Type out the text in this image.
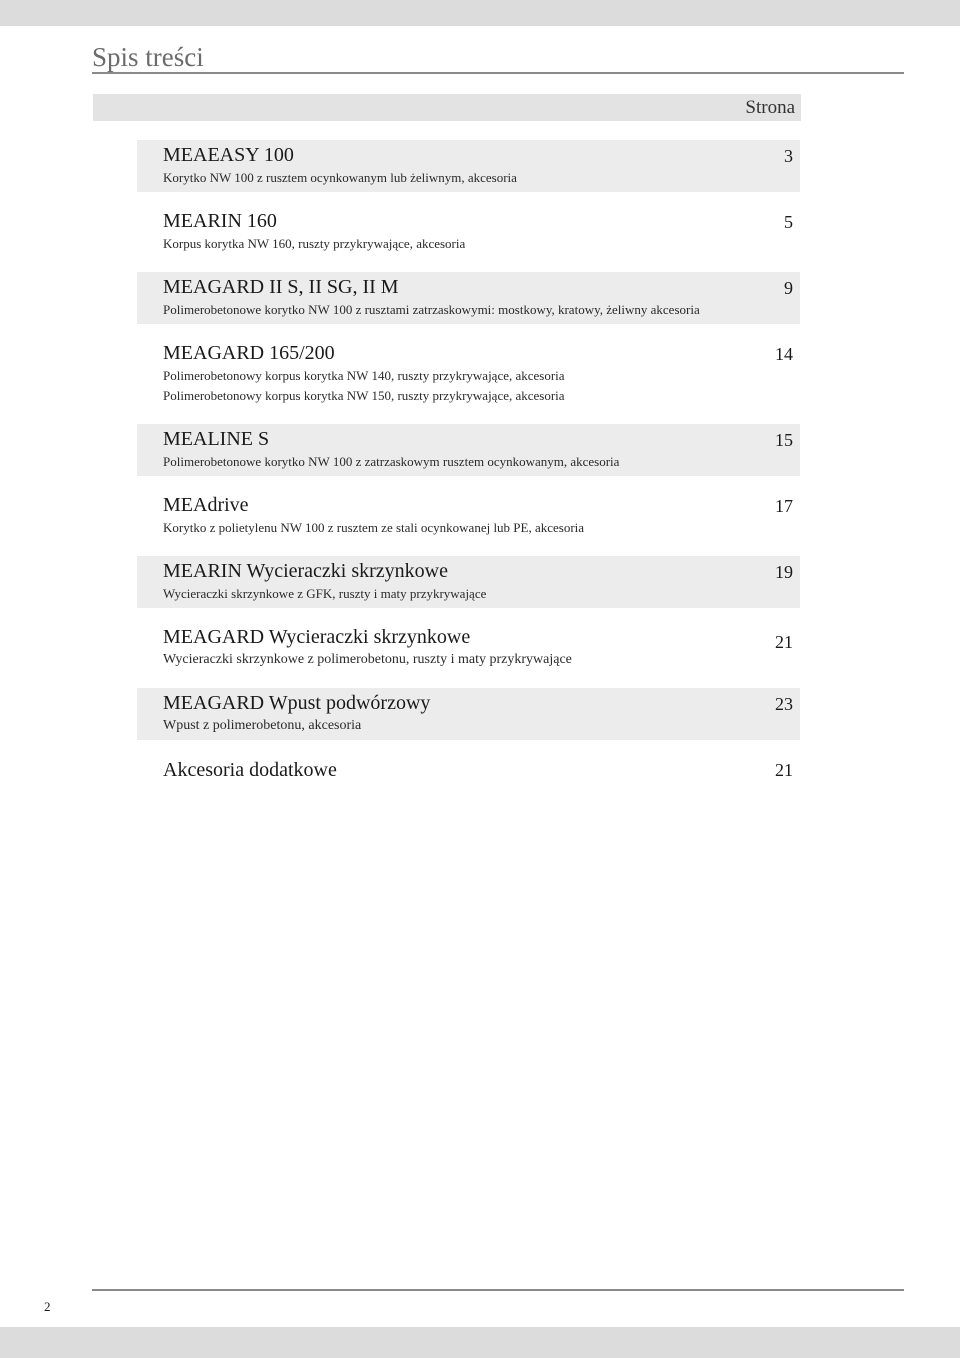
Spis treści
Strona
MEAEASY 100
Korytko NW 100 z rusztem ocynkowanym lub żeliwnym, akcesoria
3
MEARIN 160
Korpus korytka NW 160, ruszty przykrywające, akcesoria
5
MEAGARD II S, II SG, II M
Polimerobetonowe korytko NW 100 z rusztami zatrzaskowymi: mostkowy, kratowy, żeliwny akcesoria
9
MEAGARD 165/200
Polimerobetonowy korpus korytka NW 140, ruszty przykrywające, akcesoria
Polimerobetonowy korpus korytka NW 150, ruszty przykrywające, akcesoria
14
MEALINE S
Polimerobetonowe korytko NW 100 z zatrzaskowym rusztem ocynkowanym, akcesoria
15
MEAdrive
Korytko z polietylenu NW 100 z rusztem ze stali ocynkowanej lub PE, akcesoria
17
MEARIN Wycieraczki skrzynkowe
Wycieraczki skrzynkowe z GFK, ruszty i maty przykrywające
19
MEAGARD Wycieraczki skrzynkowe
Wycieraczki skrzynkowe z polimerobetonu, ruszty i maty przykrywające
21
MEAGARD Wpust podwórzowy
Wpust z polimerobetonu, akcesoria
23
Akcesoria dodatkowe	21
2
